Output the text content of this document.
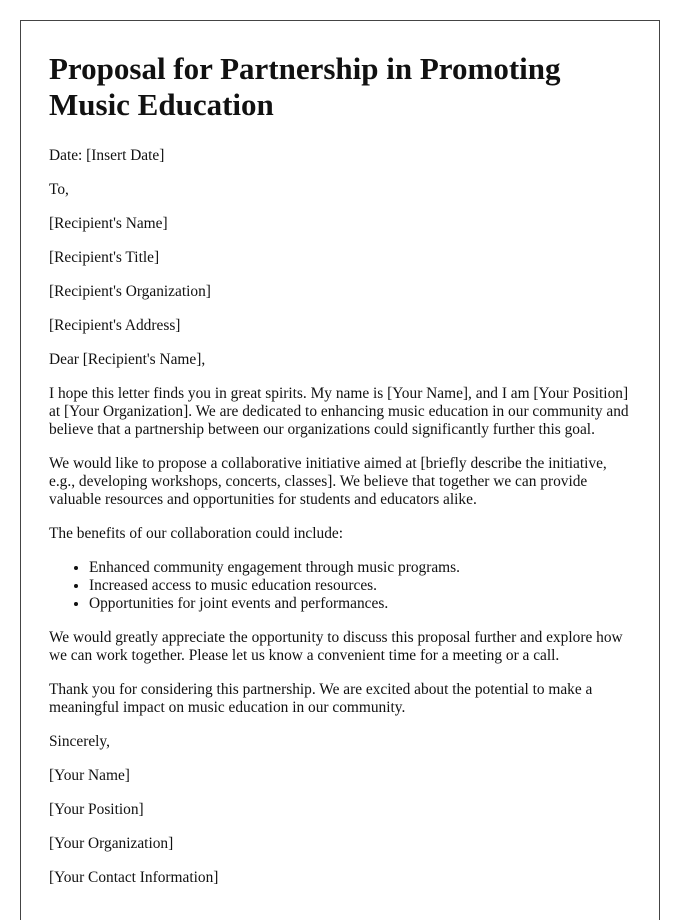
Proposal for Partnership in Promoting Music Education

Date: [Insert Date]

To,

[Recipient's Name]

[Recipient's Title]

[Recipient's Organization]

[Recipient's Address]

Dear [Recipient's Name],

I hope this letter finds you in great spirits. My name is [Your Name], and I am [Your Position] at [Your Organization]. We are dedicated to enhancing music education in our community and believe that a partnership between our organizations could significantly further this goal.

We would like to propose a collaborative initiative aimed at [briefly describe the initiative, e.g., developing workshops, concerts, classes]. We believe that together we can provide valuable resources and opportunities for students and educators alike.

The benefits of our collaboration could include:

• Enhanced community engagement through music programs.
• Increased access to music education resources.
• Opportunities for joint events and performances.

We would greatly appreciate the opportunity to discuss this proposal further and explore how we can work together. Please let us know a convenient time for a meeting or a call.

Thank you for considering this partnership. We are excited about the potential to make a meaningful impact on music education in our community.

Sincerely,

[Your Name]

[Your Position]

[Your Organization]

[Your Contact Information]
